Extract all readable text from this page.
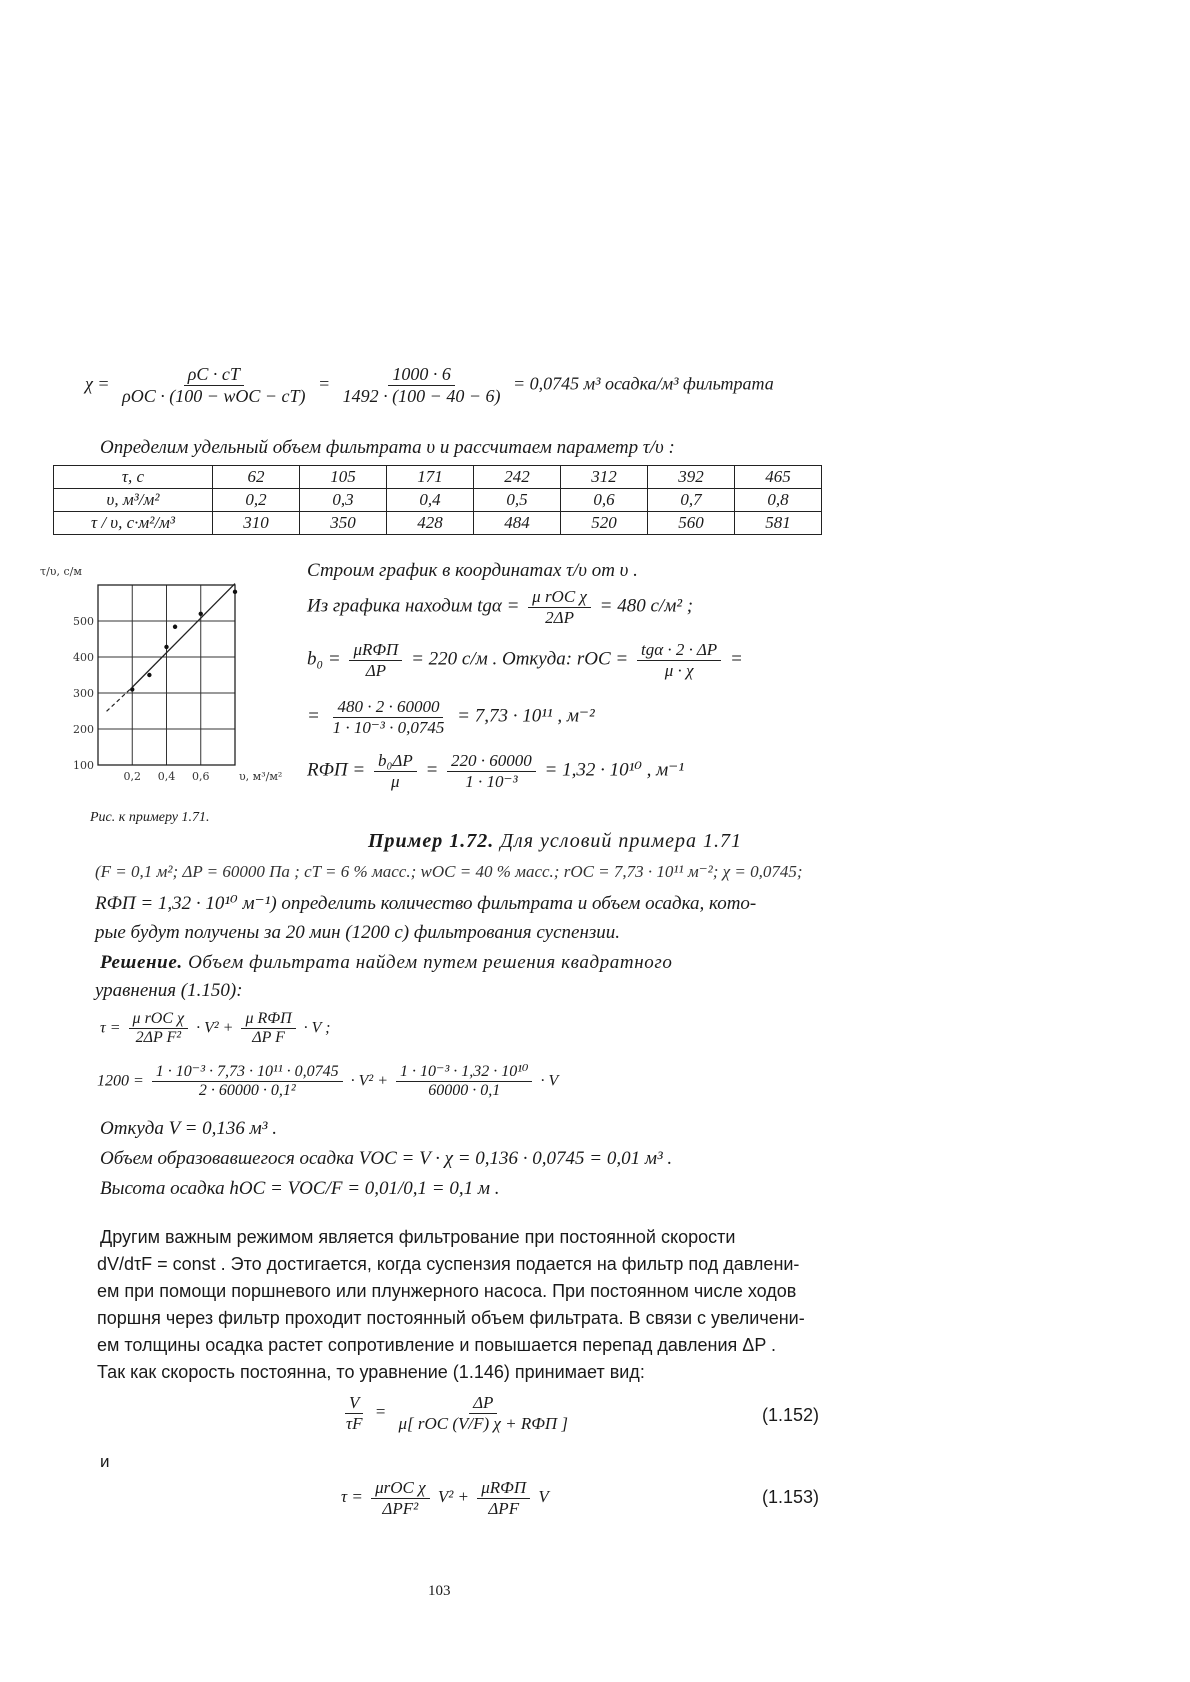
$\chi = \frac{\rho C \cdot cT}{\text{ρОС · (100 − wОС − cT)}} = \frac{1000 \cdot 6}{1492 \cdot (100 - 40 - 6)} = 0,0745$ м³ осадка/м³ фильтрата
Определим удельный объем фильтрата υ и рассчитаем параметр τ/υ :
τ, с	62	105	171	242	312	392	465
υ, м³/м²	0,2	0,3	0,4	0,5	0,6	0,7	0,8
τ / υ, с·м²/м³	310	350	428	484	520	560	581
100
200
300
400
500
0,2 0,4 0,6
τ/υ, с/м
υ, м³/м²
Рис. к примеру 1.71.
Строим график в координатах τ/υ от υ .
Из графика находим $tg\alpha = \frac{\text{μ rОС χ}}{2\Delta P} = 480$ с/м² ;
$b_0 = \frac{\text{μRФП}}{\Delta P} = 220$ с/м . Откуда: rОС = $\frac{\text{tgα · 2 · ΔP}}{\mu \cdot \chi}$ =
= $\frac{480 \cdot 2 \cdot 60000}{\text{1 · 10⁻³ · 0,0745}} = 7,73 \cdot 10^{11}$ , м⁻²
RФП = $\frac{\text{b₀ΔP}}{\mu} = \frac{220 \cdot 60000}{\text{1 · 10⁻³}} = 1,32 \cdot 10^{10}$ , м⁻¹
Пример 1.72. Для условий примера 1.71
(F = 0,1 м²; ΔP = 60000 Па ; cT = 6 % масс.; wОС = 40 % масс.; rОС = 7,73 · 10¹¹ м⁻²; χ = 0,0745;
RФП = 1,32 · 10¹⁰ м⁻¹) определить количество фильтрата и объем осадка, кото-
рые будут получены за 20 мин (1200 с) фильтрования суспензии.
Решение. Объем фильтрата найдем путем решения квадратного
уравнения (1.150):
$\tau = \frac{\text{μ rОС χ}}{\text{2ΔP F²}} \cdot V^2 + \frac{\text{μ RФП}}{\text{ΔP F}} \cdot V$ ;
$1200 = \frac{\text{1 · 10⁻³ · 7,73 · 10¹¹ · 0,0745}}{\text{2 · 60000 · 0,1²}} \cdot V^2 + \frac{\text{1 · 10⁻³ · 1,32 · 10¹⁰}}{60000 \cdot 0,1} \cdot V$
Откуда V = 0,136 м³ .
Объем образовавшегося осадка VОС = V · χ = 0,136 · 0,0745 = 0,01 м³ .
Высота осадка hОС = VОС/F = 0,01/0,1 = 0,1 м .
Другим важным режимом является фильтрование при постоянной скорости
dV/dτF = const . Это достигается, когда суспензия подается на фильтр под давлени-
ем при помощи поршневого или плунжерного насоса. При постоянном числе ходов
поршня через фильтр проходит постоянный объем фильтрата. В связи с увеличени-
ем толщины осадка растет сопротивление и повышается перепад давления ΔP .
Так как скорость постоянна, то уравнение (1.146) принимает вид:
$\frac{V}{\tau F} = \frac{\Delta P}{\text{μ[ rОС (V/F) χ + RФП ]}}$	(1.152)
и
$\tau = \frac{\text{μrОС χ}}{\text{ΔPF²}} V^2 + \frac{\text{μRФП}}{\text{ΔPF}}$ V	(1.153)
103
